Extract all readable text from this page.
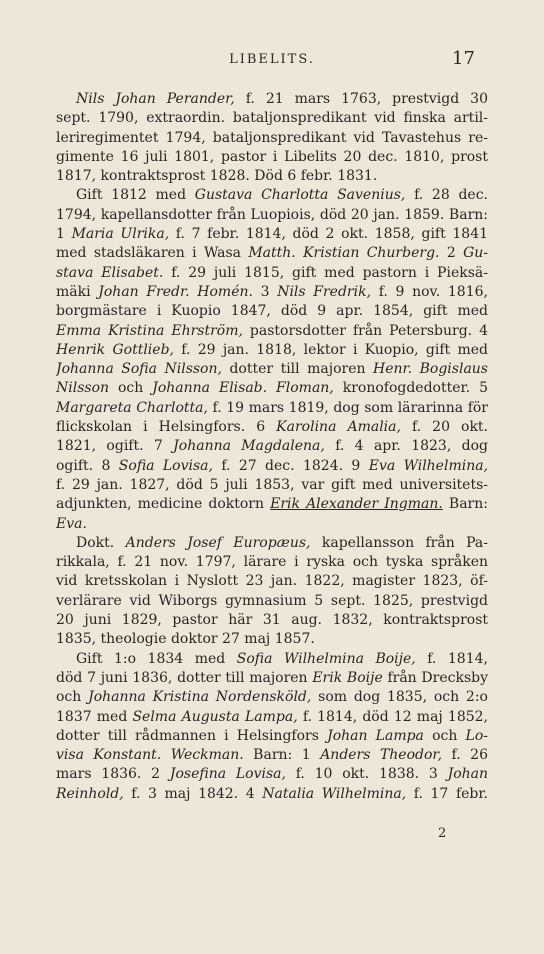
LIBELITS.	17
Nils Johan Perander, f. 21 mars 1763, prestvigd 30
sept. 1790, extraordin. bataljonspredikant vid finska artil-
leriregimentet 1794, bataljonspredikant vid Tavastehus re-
gimente 16 juli 1801, pastor i Libelits 20 dec. 1810, prost
1817, kontraktsprost 1828. Död 6 febr. 1831.
Gift 1812 med Gustava Charlotta Savenius, f. 28 dec.
1794, kapellansdotter från Luopiois, död 20 jan. 1859. Barn:
1 Maria Ulrika, f. 7 febr. 1814, död 2 okt. 1858, gift 1841
med stadsläkaren i Wasa Matth. Kristian Churberg. 2 Gu-
stava Elisabet. f. 29 juli 1815, gift med pastorn i Pieksä-
mäki Johan Fredr. Homén. 3 Nils Fredrik, f. 9 nov. 1816,
borgmästare i Kuopio 1847, död 9 apr. 1854, gift med
Emma Kristina Ehrström, pastorsdotter från Petersburg. 4
Henrik Gottlieb, f. 29 jan. 1818, lektor i Kuopio, gift med
Johanna Sofia Nilsson, dotter till majoren Henr. Bogislaus
Nilsson och Johanna Elisab. Floman, kronofogdedotter. 5
Margareta Charlotta, f. 19 mars 1819, dog som lärarinna för
flickskolan i Helsingfors. 6 Karolina Amalia, f. 20 okt.
1821, ogift. 7 Johanna Magdalena, f. 4 apr. 1823, dog
ogift. 8 Sofia Lovisa, f. 27 dec. 1824. 9 Eva Wilhelmina,
f. 29 jan. 1827, död 5 juli 1853, var gift med universitets-
adjunkten, medicine doktorn Erik Alexander Ingman. Barn:
Eva.
Dokt. Anders Josef Europæus, kapellansson från Pa-
rikkala, f. 21 nov. 1797, lärare i ryska och tyska språken
vid kretsskolan i Nyslott 23 jan. 1822, magister 1823, öf-
verlärare vid Wiborgs gymnasium 5 sept. 1825, prestvigd
20 juni 1829, pastor här 31 aug. 1832, kontraktsprost
1835, theologie doktor 27 maj 1857.
Gift 1:o 1834 med Sofia Wilhelmina Boije, f. 1814,
död 7 juni 1836, dotter till majoren Erik Boije från Drecksby
och Johanna Kristina Nordensköld, som dog 1835, och 2:o
1837 med Selma Augusta Lampa, f. 1814, död 12 maj 1852,
dotter till rådmannen i Helsingfors Johan Lampa och Lo-
visa Konstant. Weckman. Barn: 1 Anders Theodor, f. 26
mars 1836. 2 Josefina Lovisa, f. 10 okt. 1838. 3 Johan
Reinhold, f. 3 maj 1842. 4 Natalia Wilhelmina, f. 17 febr.
2
